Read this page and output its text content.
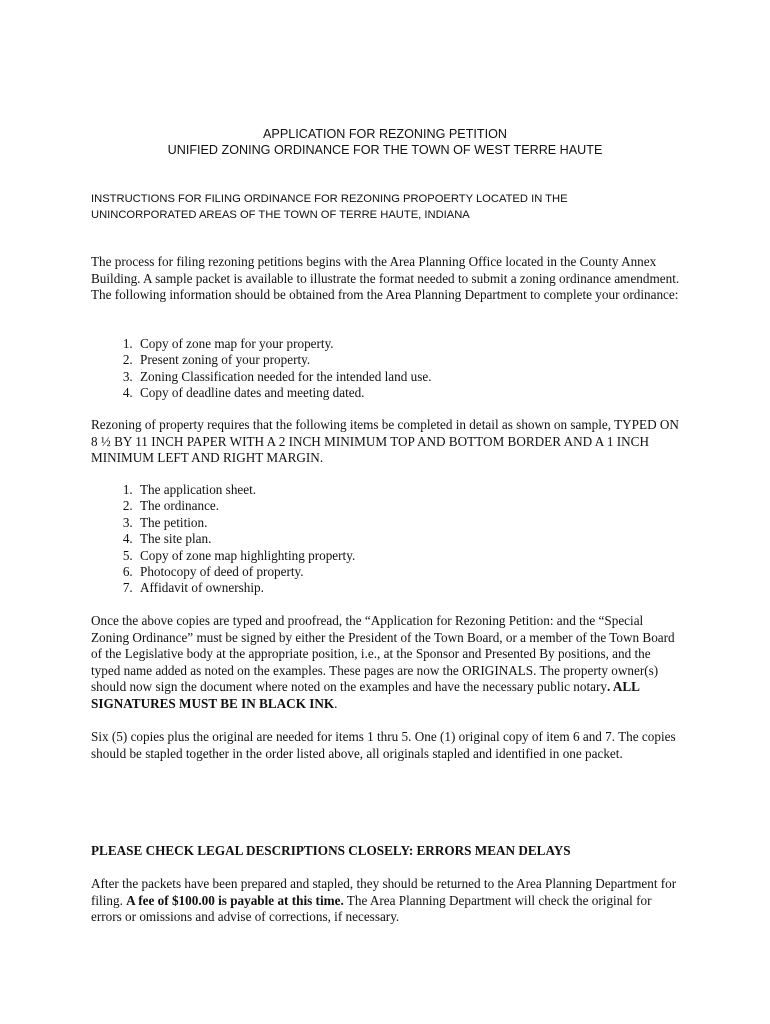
APPLICATION FOR REZONING PETITION
UNIFIED ZONING ORDINANCE FOR THE TOWN OF WEST TERRE HAUTE
INSTRUCTIONS FOR FILING ORDINANCE FOR REZONING PROPOERTY LOCATED IN THE
UNINCORPORATED AREAS OF THE TOWN OF TERRE HAUTE, INDIANA

The process for filing rezoning petitions begins with the Area Planning Office located in the County Annex Building. A sample packet is available to illustrate the format needed to submit a zoning ordinance amendment. The following information should be obtained from the Area Planning Department to complete your ordinance:

1. Copy of zone map for your property.
2. Present zoning of your property.
3. Zoning Classification needed for the intended land use.
4. Copy of deadline dates and meeting dated.

Rezoning of property requires that the following items be completed in detail as shown on sample, TYPED ON 8 ½ BY 11 INCH PAPER WITH A 2 INCH MINIMUM TOP AND BOTTOM BORDER AND A 1 INCH MINIMUM LEFT AND RIGHT MARGIN.

1. The application sheet.
2. The ordinance.
3. The petition.
4. The site plan.
5. Copy of zone map highlighting property.
6. Photocopy of deed of property.
7. Affidavit of ownership.

Once the above copies are typed and proofread, the “Application for Rezoning Petition: and the “Special Zoning Ordinance” must be signed by either the President of the Town Board, or a member of the Town Board of the Legislative body at the appropriate position, i.e., at the Sponsor and Presented By positions, and the typed name added as noted on the examples. These pages are now the ORIGINALS. The property owner(s) should now sign the document where noted on the examples and have the necessary public notary. ALL SIGNATURES MUST BE IN BLACK INK.

Six (5) copies plus the original are needed for items 1 thru 5. One (1) original copy of item 6 and 7. The copies should be stapled together in the order listed above, all originals stapled and identified in one packet.

PLEASE CHECK LEGAL DESCRIPTIONS CLOSELY: ERRORS MEAN DELAYS

After the packets have been prepared and stapled, they should be returned to the Area Planning Department for filing. A fee of $100.00 is payable at this time. The Area Planning Department will check the original for errors or omissions and advise of corrections, if necessary.
